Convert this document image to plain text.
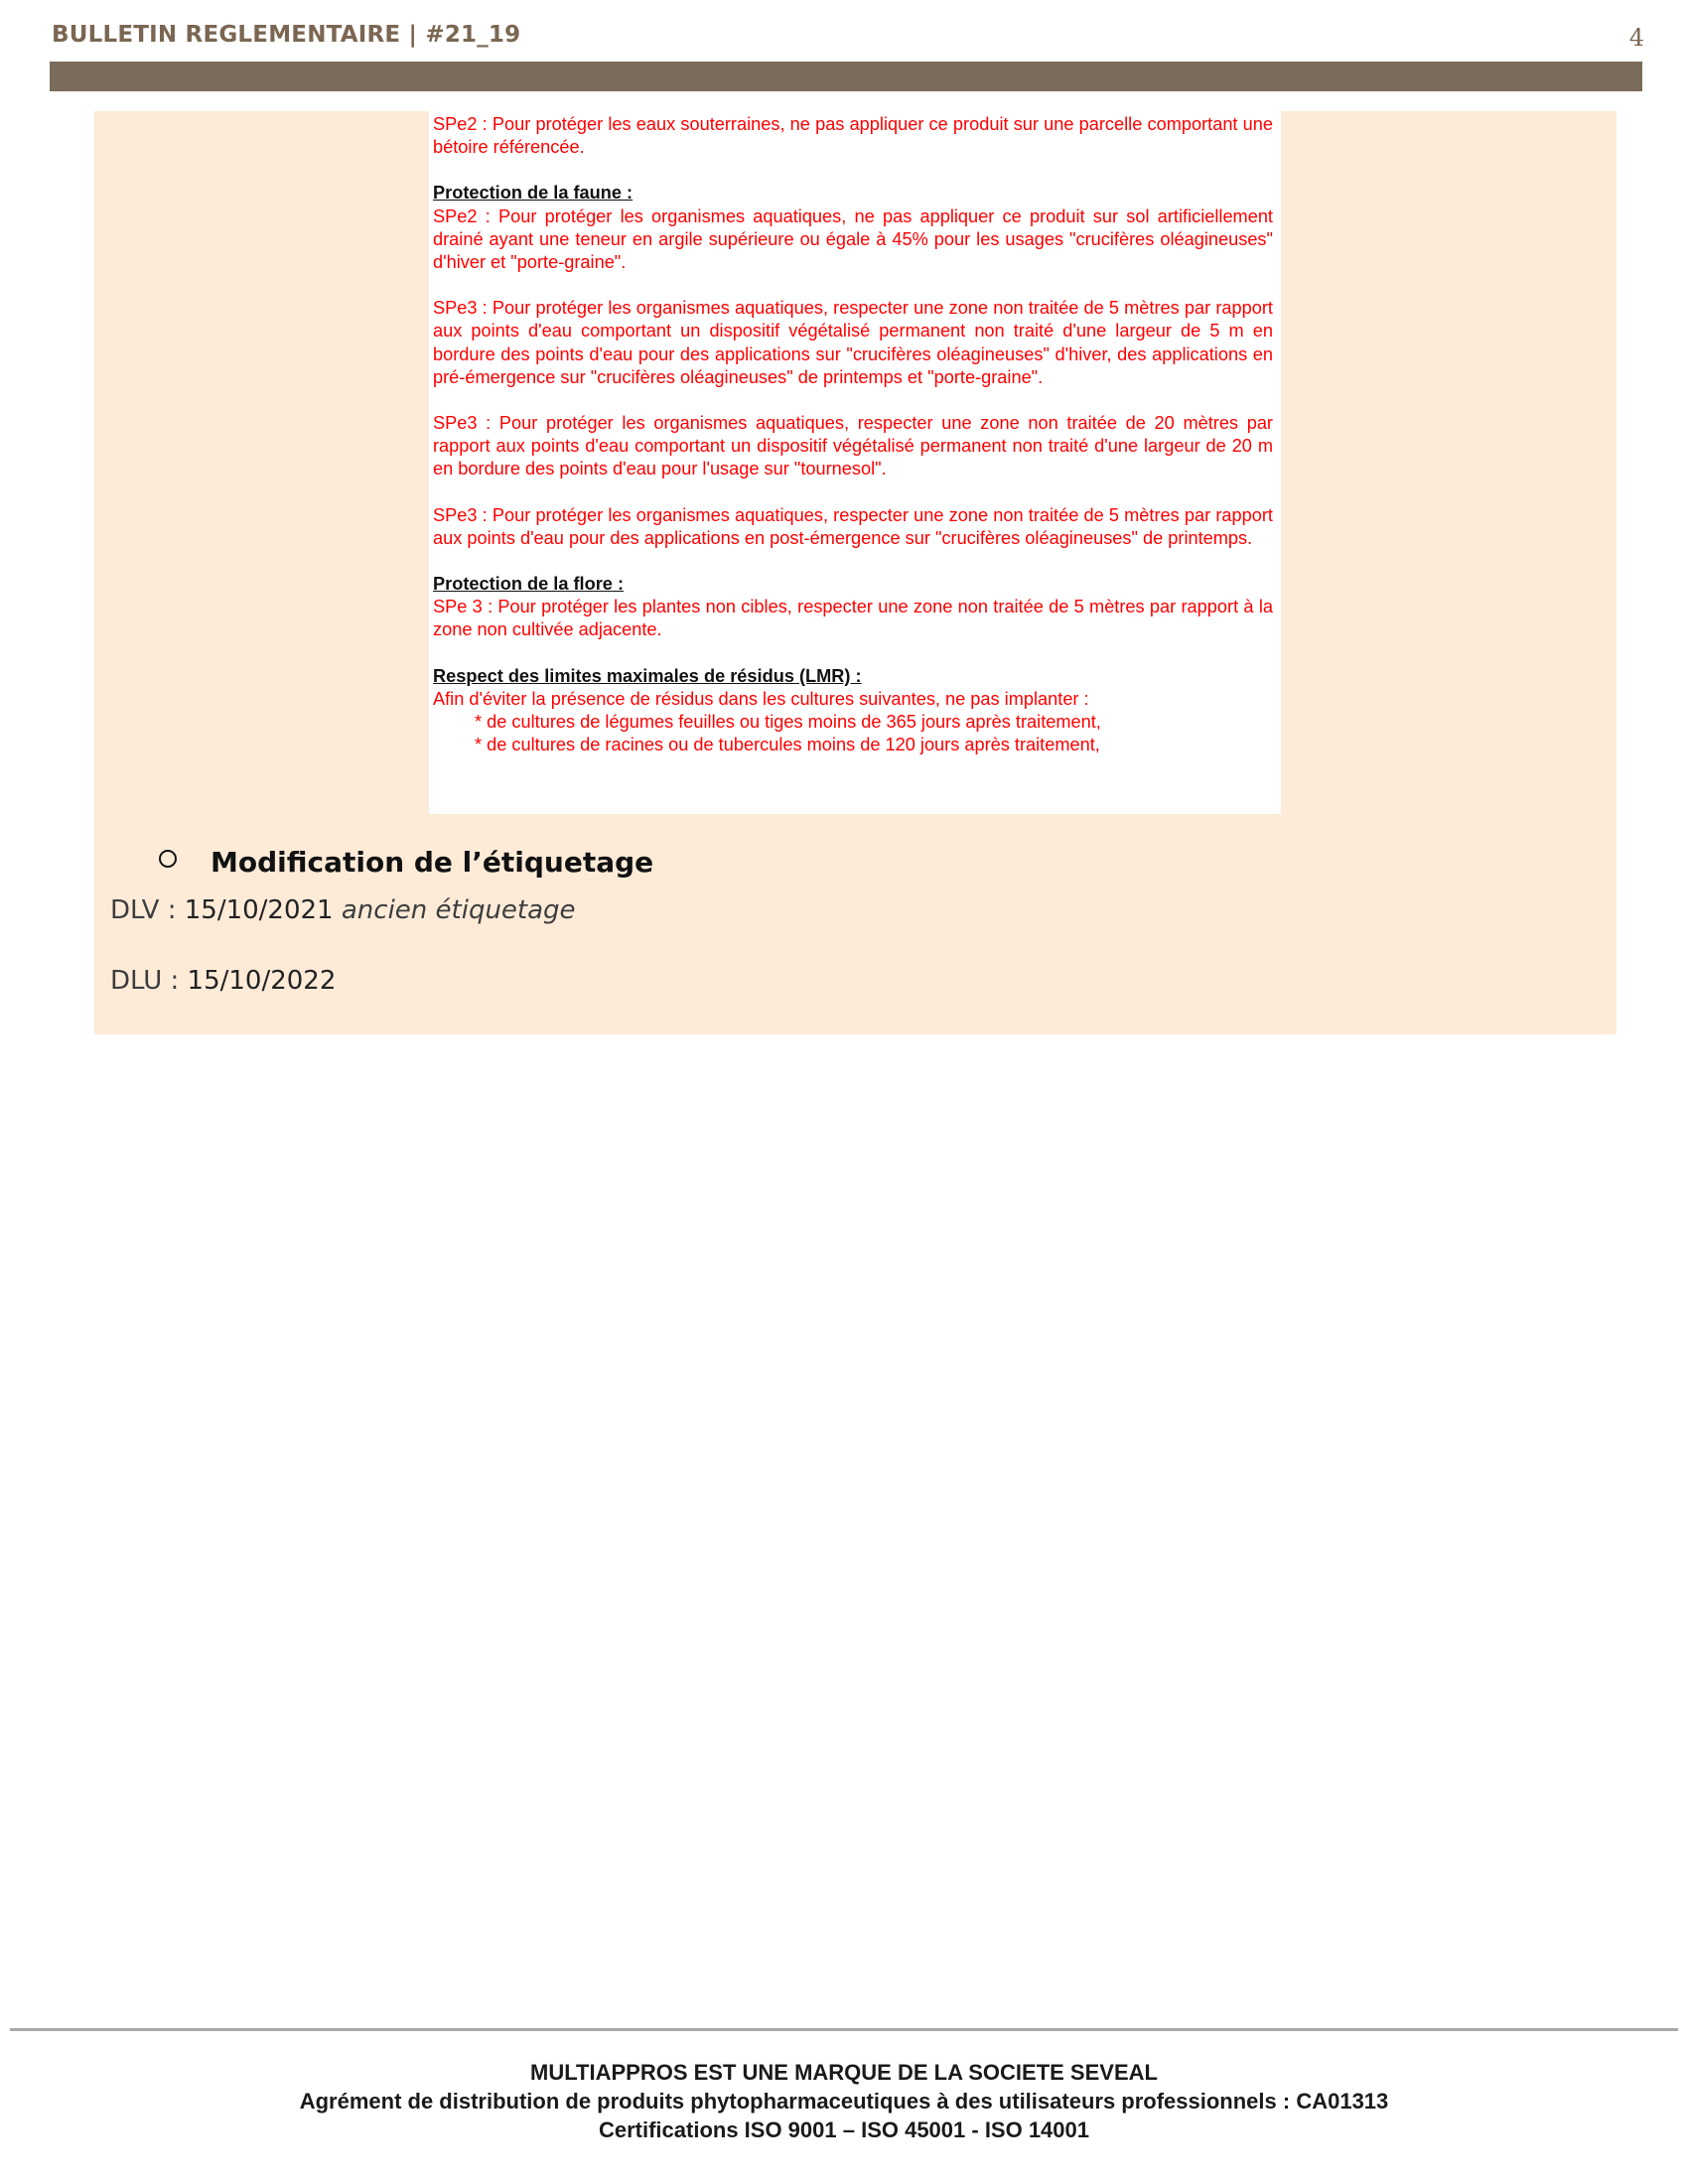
BULLETIN REGLEMENTAIRE | #21_19	4

SPe2 : Pour protéger les eaux souterraines, ne pas appliquer ce produit sur une parcelle comportant une bétoire référencée.

Protection de la faune :

SPe2 : Pour protéger les organismes aquatiques, ne pas appliquer ce produit sur sol artificiellement drainé ayant une teneur en argile supérieure ou égale à 45% pour les usages "crucifères oléagineuses" d'hiver et "porte-graine".

SPe3 : Pour protéger les organismes aquatiques, respecter une zone non traitée de 5 mètres par rapport aux points d'eau comportant un dispositif végétalisé permanent non traité d'une largeur de 5 m en bordure des points d'eau pour des applications sur "crucifères oléagineuses" d'hiver, des applications en pré-émergence sur "crucifères oléagineuses" de printemps et "porte-graine".

SPe3 : Pour protéger les organismes aquatiques, respecter une zone non traitée de 20 mètres par rapport aux points d'eau comportant un dispositif végétalisé permanent non traité d'une largeur de 20 m en bordure des points d'eau pour l'usage sur "tournesol".

SPe3 : Pour protéger les organismes aquatiques, respecter une zone non traitée de 5 mètres par rapport aux points d'eau pour des applications en post-émergence sur "crucifères oléagineuses" de printemps.

Protection de la flore :

SPe 3 : Pour protéger les plantes non cibles, respecter une zone non traitée de 5 mètres par rapport à la zone non cultivée adjacente.

Respect des limites maximales de résidus (LMR) :

Afin d'éviter la présence de résidus dans les cultures suivantes, ne pas implanter :

* de cultures de légumes feuilles ou tiges moins de 365 jours après traitement,

* de cultures de racines ou de tubercules moins de 120 jours après traitement,

Modification de l’étiquetage
DLV : 15/10/2021 ancien étiquetage
DLU : 15/10/2022
MULTIAPPROS EST UNE MARQUE DE LA SOCIETE SEVEAL
Agrément de distribution de produits phytopharmaceutiques à des utilisateurs professionnels : CA01313
Certifications ISO 9001 – ISO 45001 - ISO 14001
